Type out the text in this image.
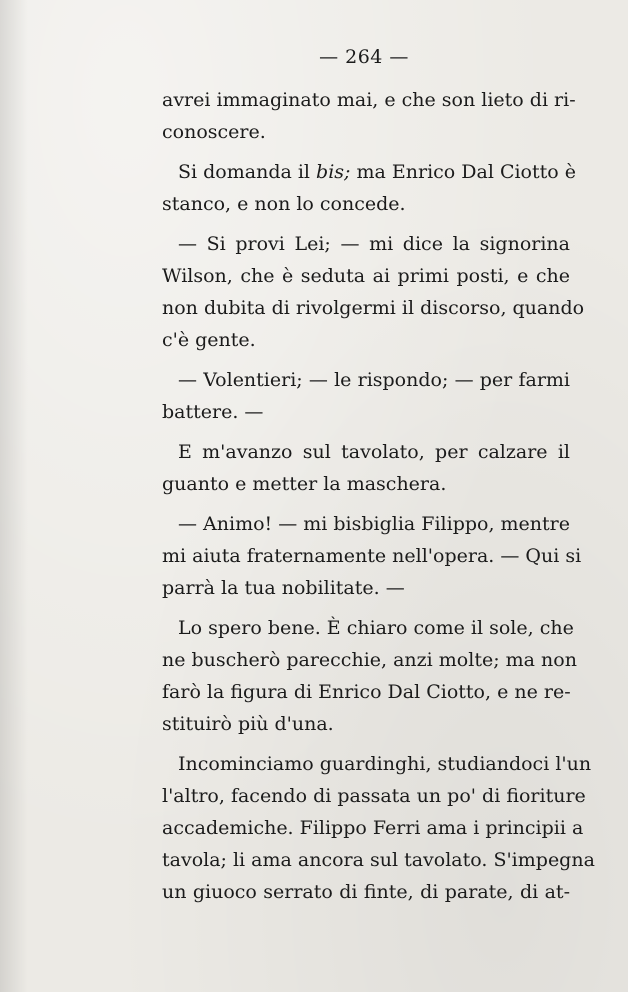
— 264 —
avrei immaginato mai, e che son lieto di ri-
conoscere.
Si domanda il bis; ma Enrico Dal Ciotto è
stanco, e non lo concede.
— Si provi Lei; — mi dice la signorina
Wilson, che è seduta ai primi posti, e che
non dubita di rivolgermi il discorso, quando
c'è gente.
— Volentieri; — le rispondo; — per farmi
battere. —
E m'avanzo sul tavolato, per calzare il
guanto e metter la maschera.
— Animo! — mi bisbiglia Filippo, mentre
mi aiuta fraternamente nell'opera. — Qui si
parrà la tua nobilitate. —
Lo spero bene. È chiaro come il sole, che
ne buscherò parecchie, anzi molte; ma non
farò la figura di Enrico Dal Ciotto, e ne re-
stituirò più d'una.
Incominciamo guardinghi, studiandoci l'un
l'altro, facendo di passata un po' di fioriture
accademiche. Filippo Ferri ama i principii a
tavola; li ama ancora sul tavolato. S'impegna
un giuoco serrato di finte, di parate, di at-
